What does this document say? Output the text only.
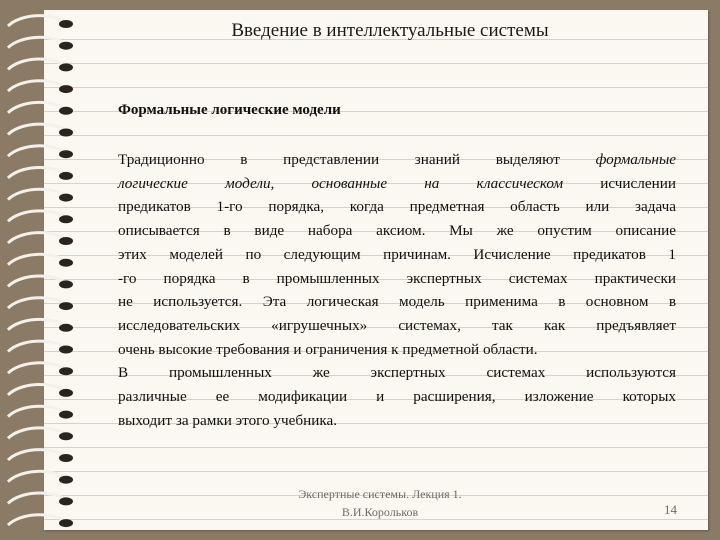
Введение в интеллектуальные системы
Формальные логические модели
Традиционно в представлении знаний выделяют формальные
логические модели, основанные на классическом исчислении
предикатов 1-го порядка, когда предметная область или задача
описывается в виде набора аксиом. Мы же опустим описание
этих моделей по следующим причинам. Исчисление предикатов 1
-го порядка в промышленных экспертных системах практически
не используется. Эта логическая модель применима в основном в
исследовательских «игрушечных» системах, так как предъявляет
очень высокие требования и ограничения к предметной области.
В промышленных же экспертных системах используются
различные ее модификации и расширения, изложение которых
выходит за рамки этого учебника.
Экспертные системы. Лекция 1.
В.И.Корольков	14
